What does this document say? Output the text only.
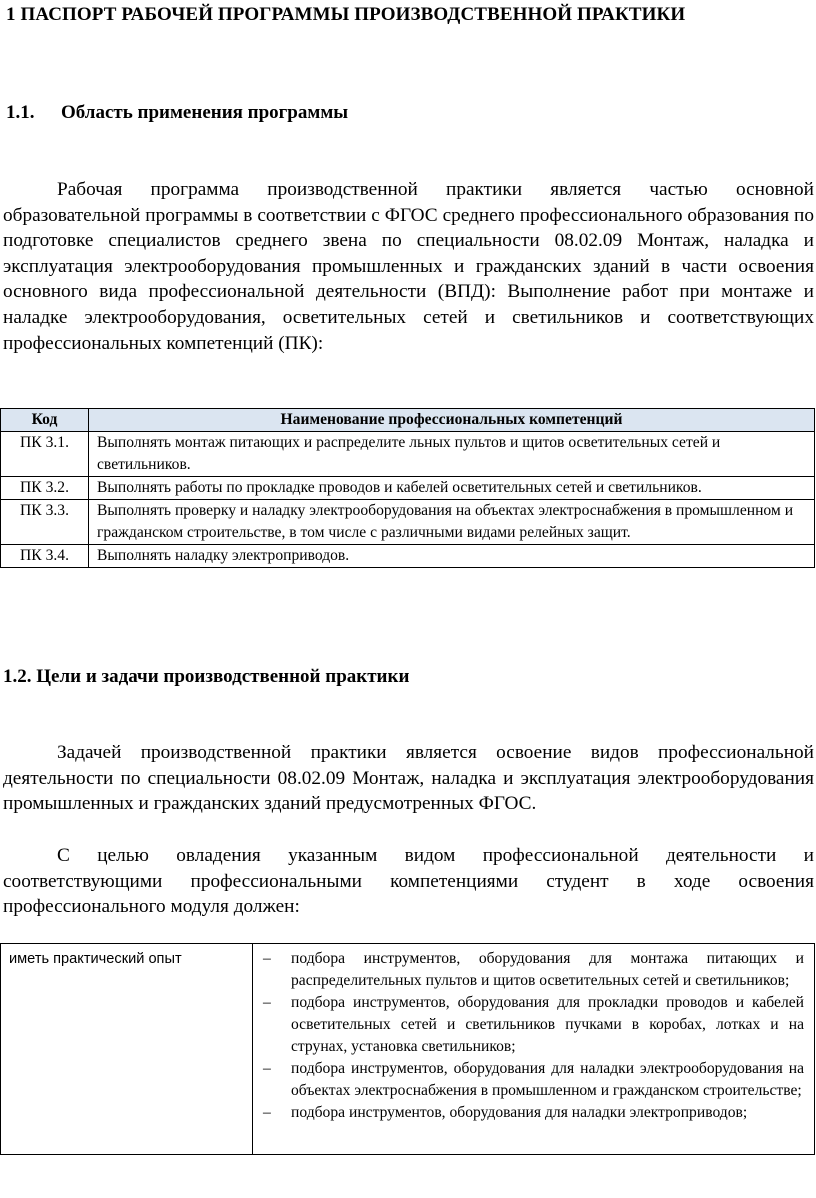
1 ПАСПОРТ РАБОЧЕЙ ПРОГРАММЫ ПРОИЗВОДСТВЕННОЙ ПРАКТИКИ
1.1. Область применения программы

Рабочая программа производственной практики является частью основной образовательной программы в соответствии с ФГОС среднего профессионального образования по подготовке специалистов среднего звена по специальности 08.02.09 Монтаж, наладка и эксплуатация электрооборудования промышленных и гражданских зданий в части освоения основного вида профессиональной деятельности (ВПД): Выполнение работ при монтаже и наладке электрооборудования, осветительных сетей и светильников и соответствующих профессиональных компетенций (ПК):

Код	Наименование профессиональных компетенций
ПК 3.1.	Выполнять монтаж питающих и распределите льных пультов и щитов осветительных сетей и светильников.
ПК 3.2.	Выполнять работы по прокладке проводов и кабелей осветительных сетей и светильников.
ПК 3.3.	Выполнять проверку и наладку электрооборудования на объектах электроснабжения в промышленном и гражданском строительстве, в том числе с различными видами релейных защит.
ПК 3.4.	Выполнять наладку электроприводов.
1.2. Цели и задачи производственной практики

Задачей производственной практики является освоение видов профессиональной деятельности по специальности 08.02.09 Монтаж, наладка и эксплуатация электрооборудования промышленных и гражданских зданий предусмотренных ФГОС.

С целью овладения указанным видом профессиональной деятельности и соответствующими профессиональными компетенциями студент в ходе освоения профессионального модуля должен:

иметь практический опыт	– подбора инструментов, оборудования для монтажа питающих и распределительных пультов и щитов осветительных сетей и светильников;
– подбора инструментов, оборудования для прокладки проводов и кабелей осветительных сетей и светильников пучками в коробах, лотках и на струнах, установка светильников;
– подбора инструментов, оборудования для наладки электрооборудования на объектах электроснабжения в промышленном и гражданском строительстве;
– подбора инструментов, оборудования для наладки электроприводов;
